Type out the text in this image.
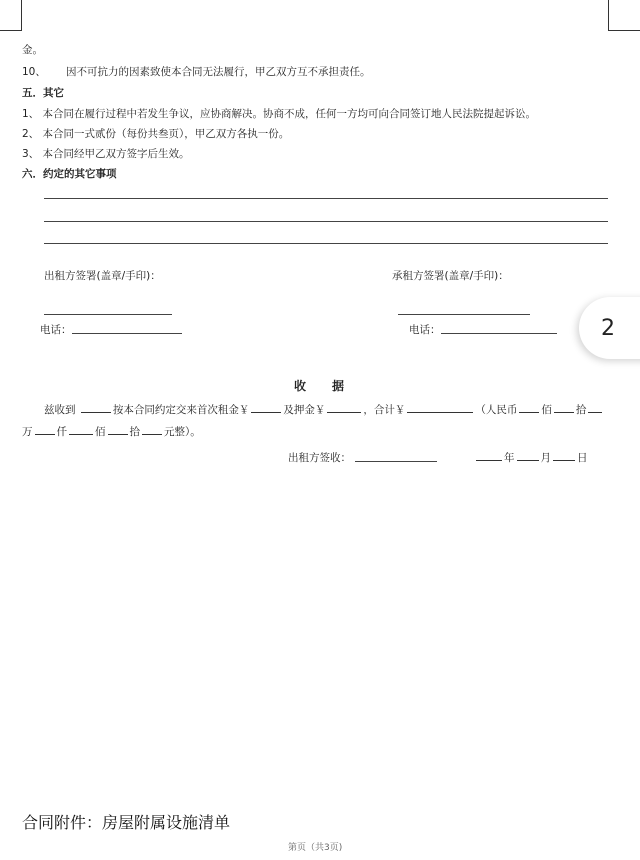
金。
10、 因不可抗力的因素致使本合同无法履行，甲乙双方互不承担责任。
五．其它
1、 本合同在履行过程中若发生争议，应协商解决。协商不成，任何一方均可向合同签订地人民法院提起诉讼。
2、 本合同一式贰份（每份共叁页），甲乙双方各执一份。
3、 本合同经甲乙双方签字后生效。
六．约定的其它事项
出租方签署(盖章/手印)：	承租方签署(盖章/手印)：
电话：	电话：	2
收 据
兹收到	按本合同约定交来首次租金￥	及押金￥	，合计￥	（人民币 佰 拾
万 仟	佰 拾 元整）。
出租方签收：	年 月 日
合同附件：房屋附属设施清单
第页（共3页)
